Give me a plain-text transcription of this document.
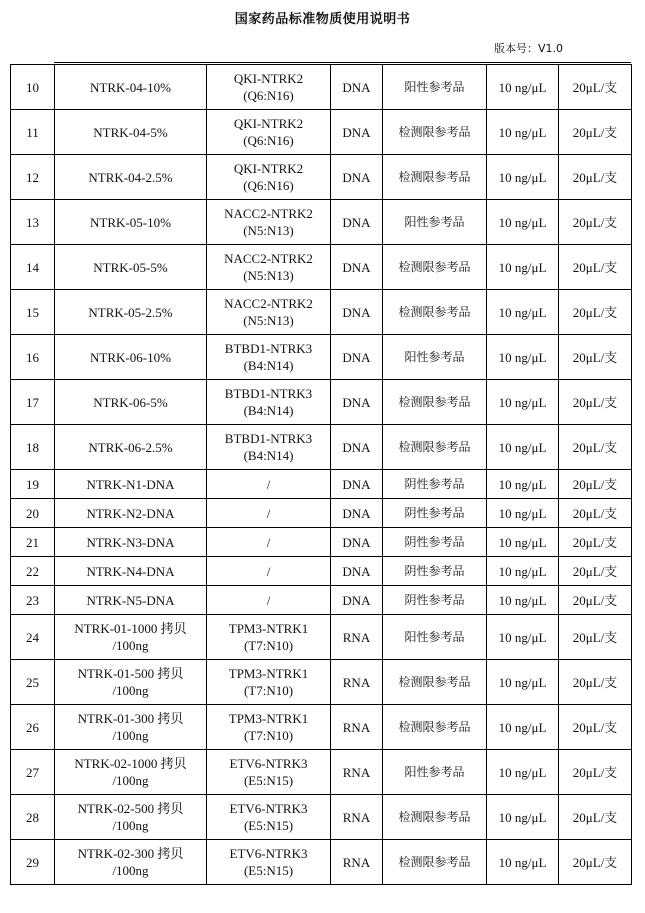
国家药品标准物质使用说明书
版本号：V1.0
10	NTRK-04-10%	QKI-NTRK2
(Q6:N16)	DNA	阳性参考品	10 ng/μL	20μL/支

11	NTRK-04-5%	QKI-NTRK2
(Q6:N16)	DNA	检测限参考品	10 ng/μL	20μL/支

12	NTRK-04-2.5%	QKI-NTRK2
(Q6:N16)	DNA	检测限参考品	10 ng/μL	20μL/支

13	NTRK-05-10%	NACC2-NTRK2
(N5:N13)	DNA	阳性参考品	10 ng/μL	20μL/支

14	NTRK-05-5%	NACC2-NTRK2
(N5:N13)	DNA	检测限参考品	10 ng/μL	20μL/支

15	NTRK-05-2.5%	NACC2-NTRK2
(N5:N13)	DNA	检测限参考品	10 ng/μL	20μL/支

16	NTRK-06-10%	BTBD1-NTRK3
(B4:N14)	DNA	阳性参考品	10 ng/μL	20μL/支

17	NTRK-06-5%	BTBD1-NTRK3
(B4:N14)	DNA	检测限参考品	10 ng/μL	20μL/支

18	NTRK-06-2.5%	BTBD1-NTRK3
(B4:N14)	DNA	检测限参考品	10 ng/μL	20μL/支

19	NTRK-N1-DNA	/	DNA	阴性参考品	10 ng/μL	20μL/支

20	NTRK-N2-DNA	/	DNA	阴性参考品	10 ng/μL	20μL/支

21	NTRK-N3-DNA	/	DNA	阴性参考品	10 ng/μL	20μL/支

22	NTRK-N4-DNA	/	DNA	阴性参考品	10 ng/μL	20μL/支

23	NTRK-N5-DNA	/	DNA	阴性参考品	10 ng/μL	20μL/支

24	NTRK-01-1000 拷贝
/100ng	TPM3-NTRK1
(T7:N10)	RNA	阳性参考品	10 ng/μL	20μL/支

25	NTRK-01-500 拷贝
/100ng	TPM3-NTRK1
(T7:N10)	RNA	检测限参考品	10 ng/μL	20μL/支

26	NTRK-01-300 拷贝
/100ng	TPM3-NTRK1
(T7:N10)	RNA	检测限参考品	10 ng/μL	20μL/支

27	NTRK-02-1000 拷贝
/100ng	ETV6-NTRK3
(E5:N15)	RNA	阳性参考品	10 ng/μL	20μL/支

28	NTRK-02-500 拷贝
/100ng	ETV6-NTRK3
(E5:N15)	RNA	检测限参考品	10 ng/μL	20μL/支

29	NTRK-02-300 拷贝
/100ng	ETV6-NTRK3
(E5:N15)	RNA	检测限参考品	10 ng/μL	20μL/支
